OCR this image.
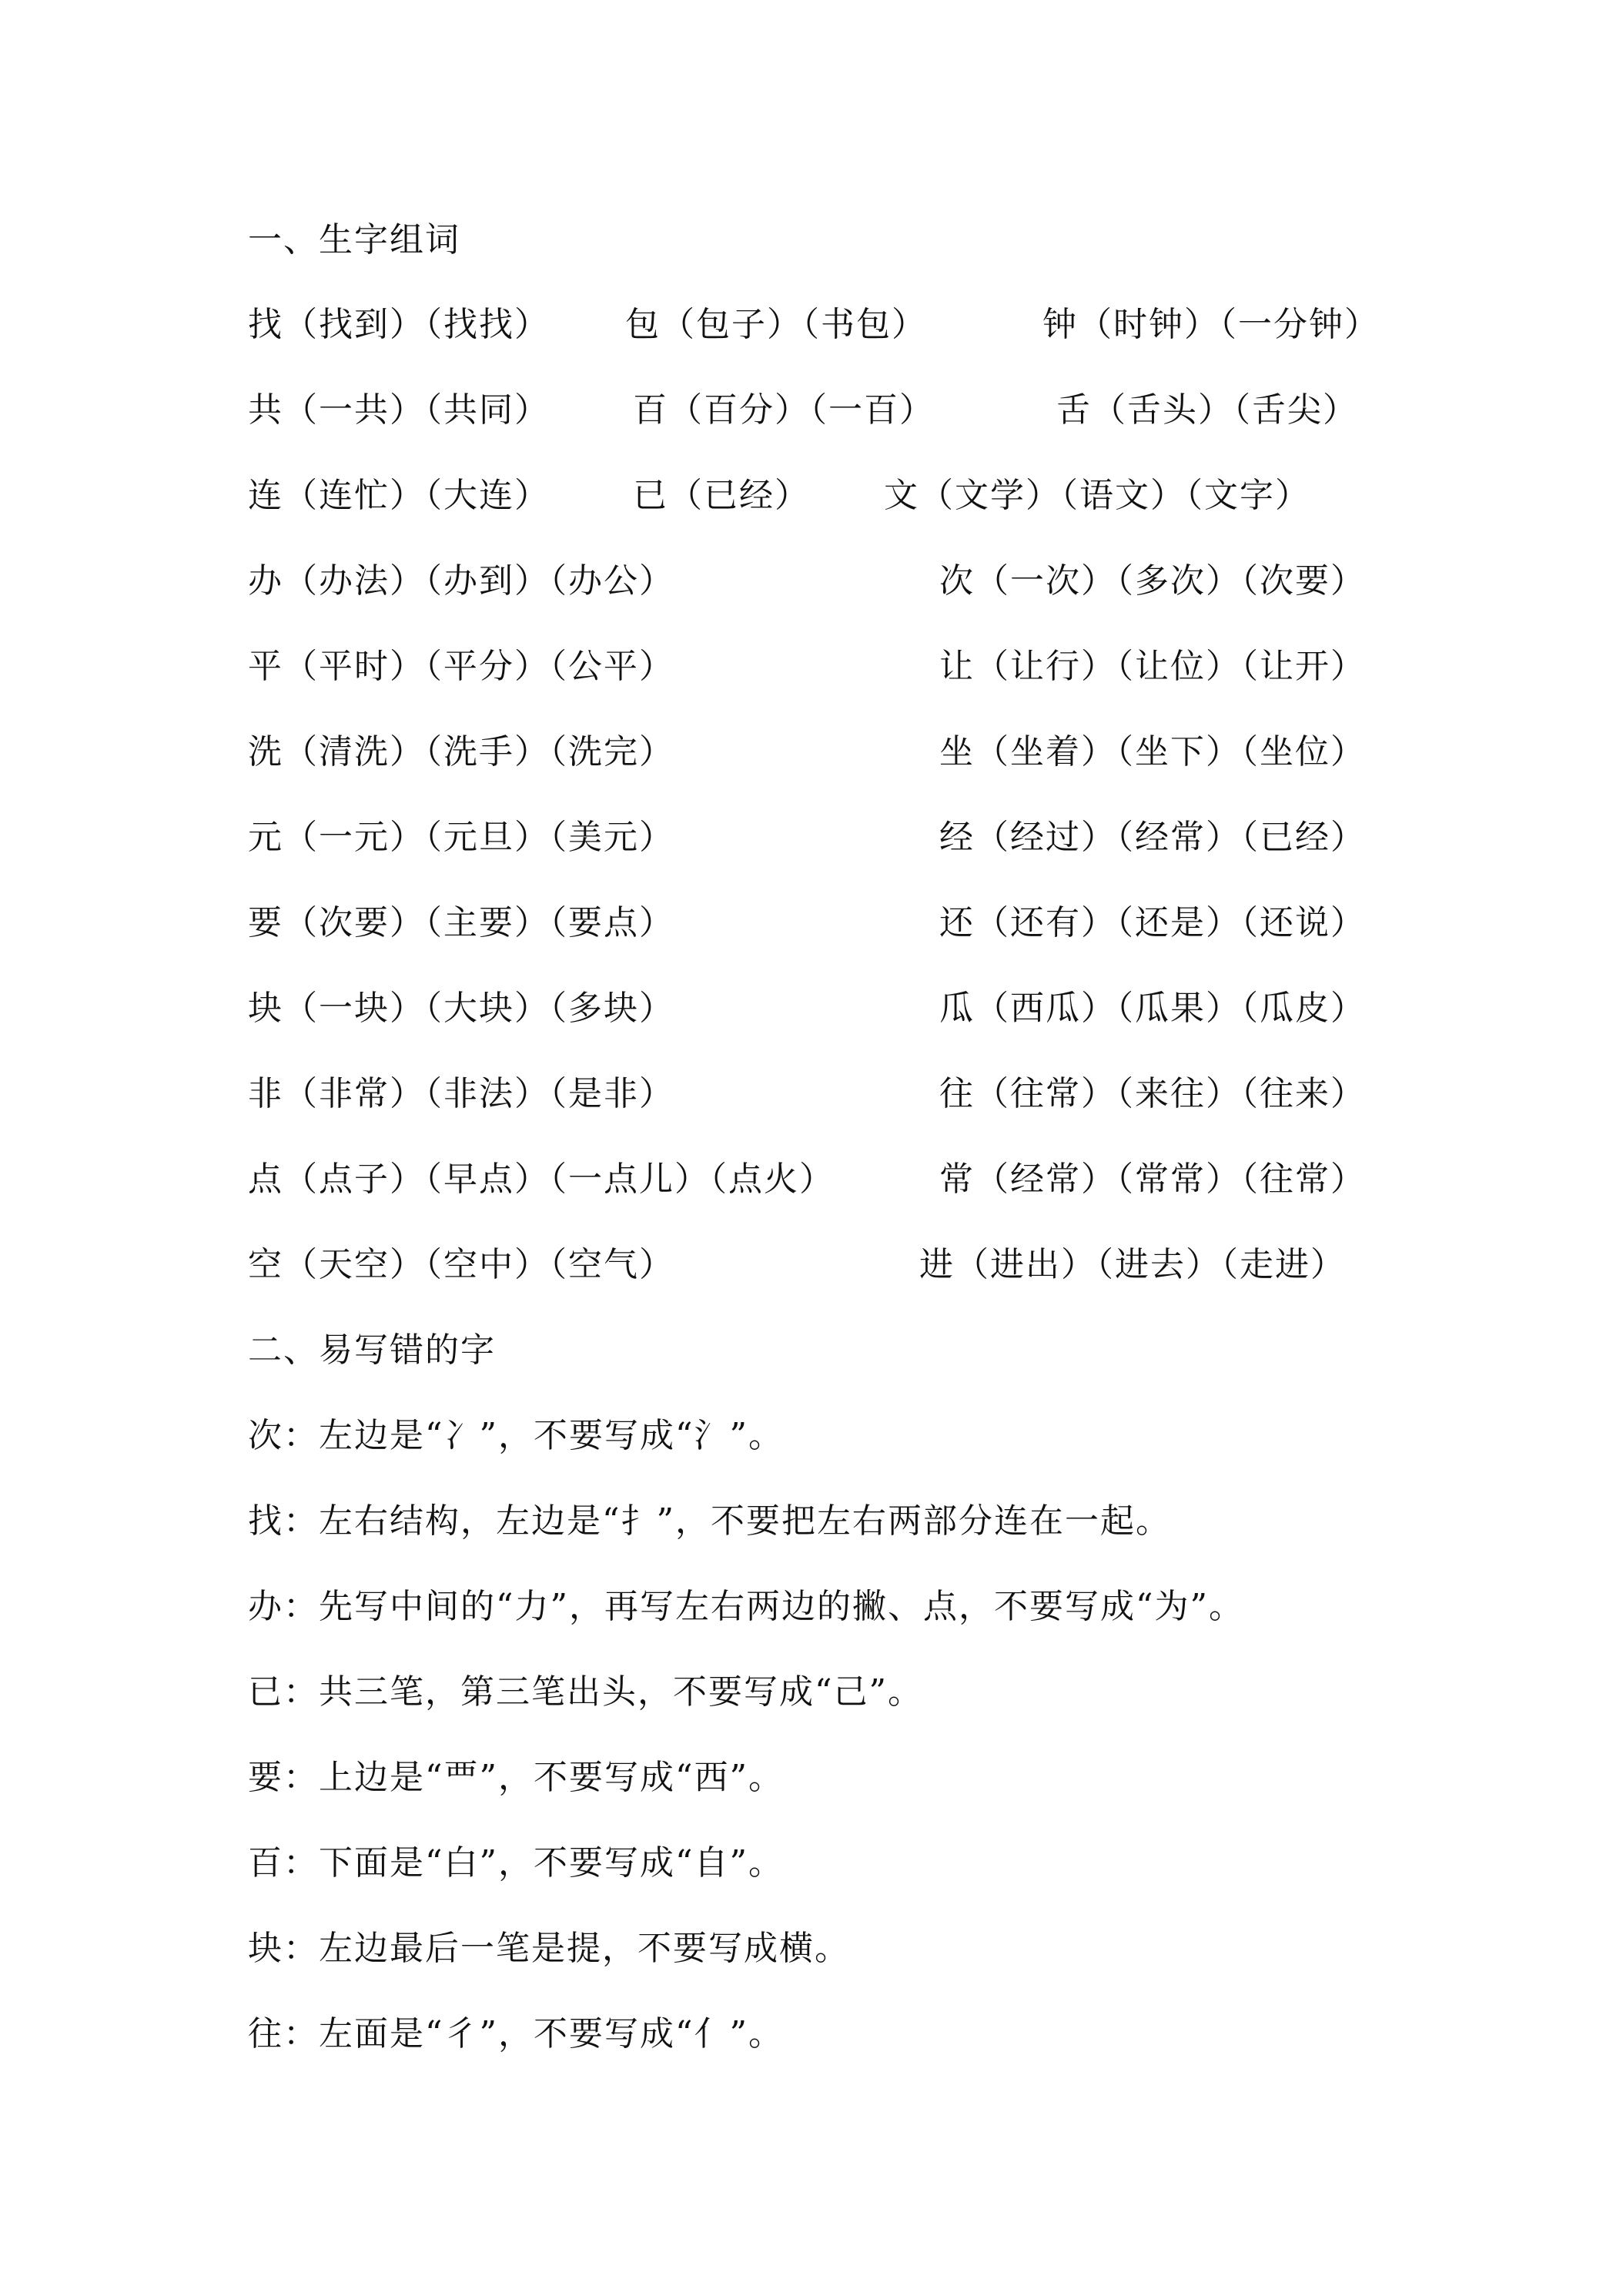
一、生字组词
找（找到）（找找） 包（包子）（书包）	钟（时钟）（一分钟）
共（一共）（共同） 百（百分）（一百）	舌（舌头）（舌尖）
连（连忙）（大连） 已（已经） 文（文学）（语文）（文字）
办（办法）（办到）（办公）	次（一次）（多次）（次要）
平（平时）（平分）（公平）	让（让行）（让位）（让开）
洗（清洗）（洗手）（洗完）	坐（坐着）（坐下）（坐位）
元（一元）（元旦）（美元）	经（经过）（经常）（已经）
要（次要）（主要）（要点）	还（还有）（还是）（还说）
块（一块）（大块）（多块）	瓜（西瓜）（瓜果）（瓜皮）
非（非常）（非法）（是非）	往（往常）（来往）（往来）
点（点子）（早点）（一点儿）（点火）	常（经常）（常常）（往常）
空（天空）（空中）（空气）	进（进出）（进去）（走进）
二、易写错的字
次：左边是“冫”，不要写成“氵”。
找：左右结构，左边是“扌”，不要把左右两部分连在一起。
办：先写中间的“力”，再写左右两边的撇、点，不要写成“为”。
已：共三笔，第三笔出头，不要写成“己”。
要：上边是“覀”，不要写成“西”。
百：下面是“白”，不要写成“自”。
块：左边最后一笔是提，不要写成横。
往：左面是“彳”，不要写成“亻”。
